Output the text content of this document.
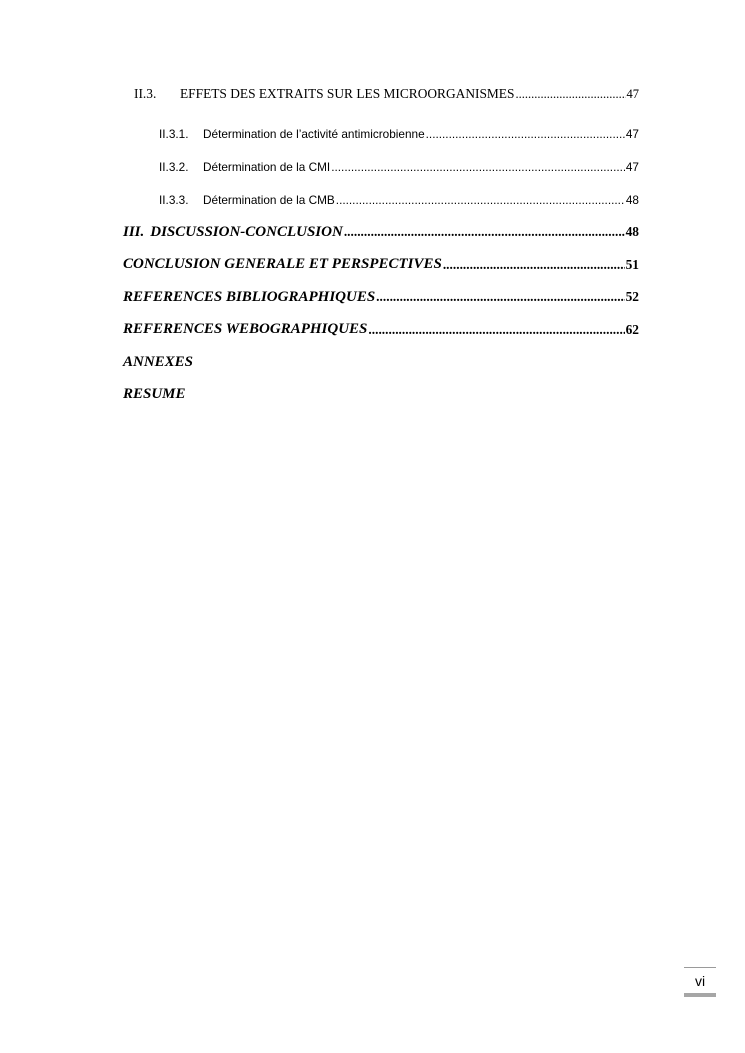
II.3.	EFFETS DES EXTRAITS SUR LES MICROORGANISMES .....	47
II.3.1.	Détermination de l’activité antimicrobienne .....	47
II.3.2.	Détermination de la CMI .....	47
II.3.3.	Détermination de la CMB .....	48
III. DISCUSSION-CONCLUSION .....	48
CONCLUSION GENERALE ET PERSPECTIVES .....	51
REFERENCES BIBLIOGRAPHIQUES .....	52
REFERENCES WEBOGRAPHIQUES .....	62
ANNEXES
RESUME
vi
